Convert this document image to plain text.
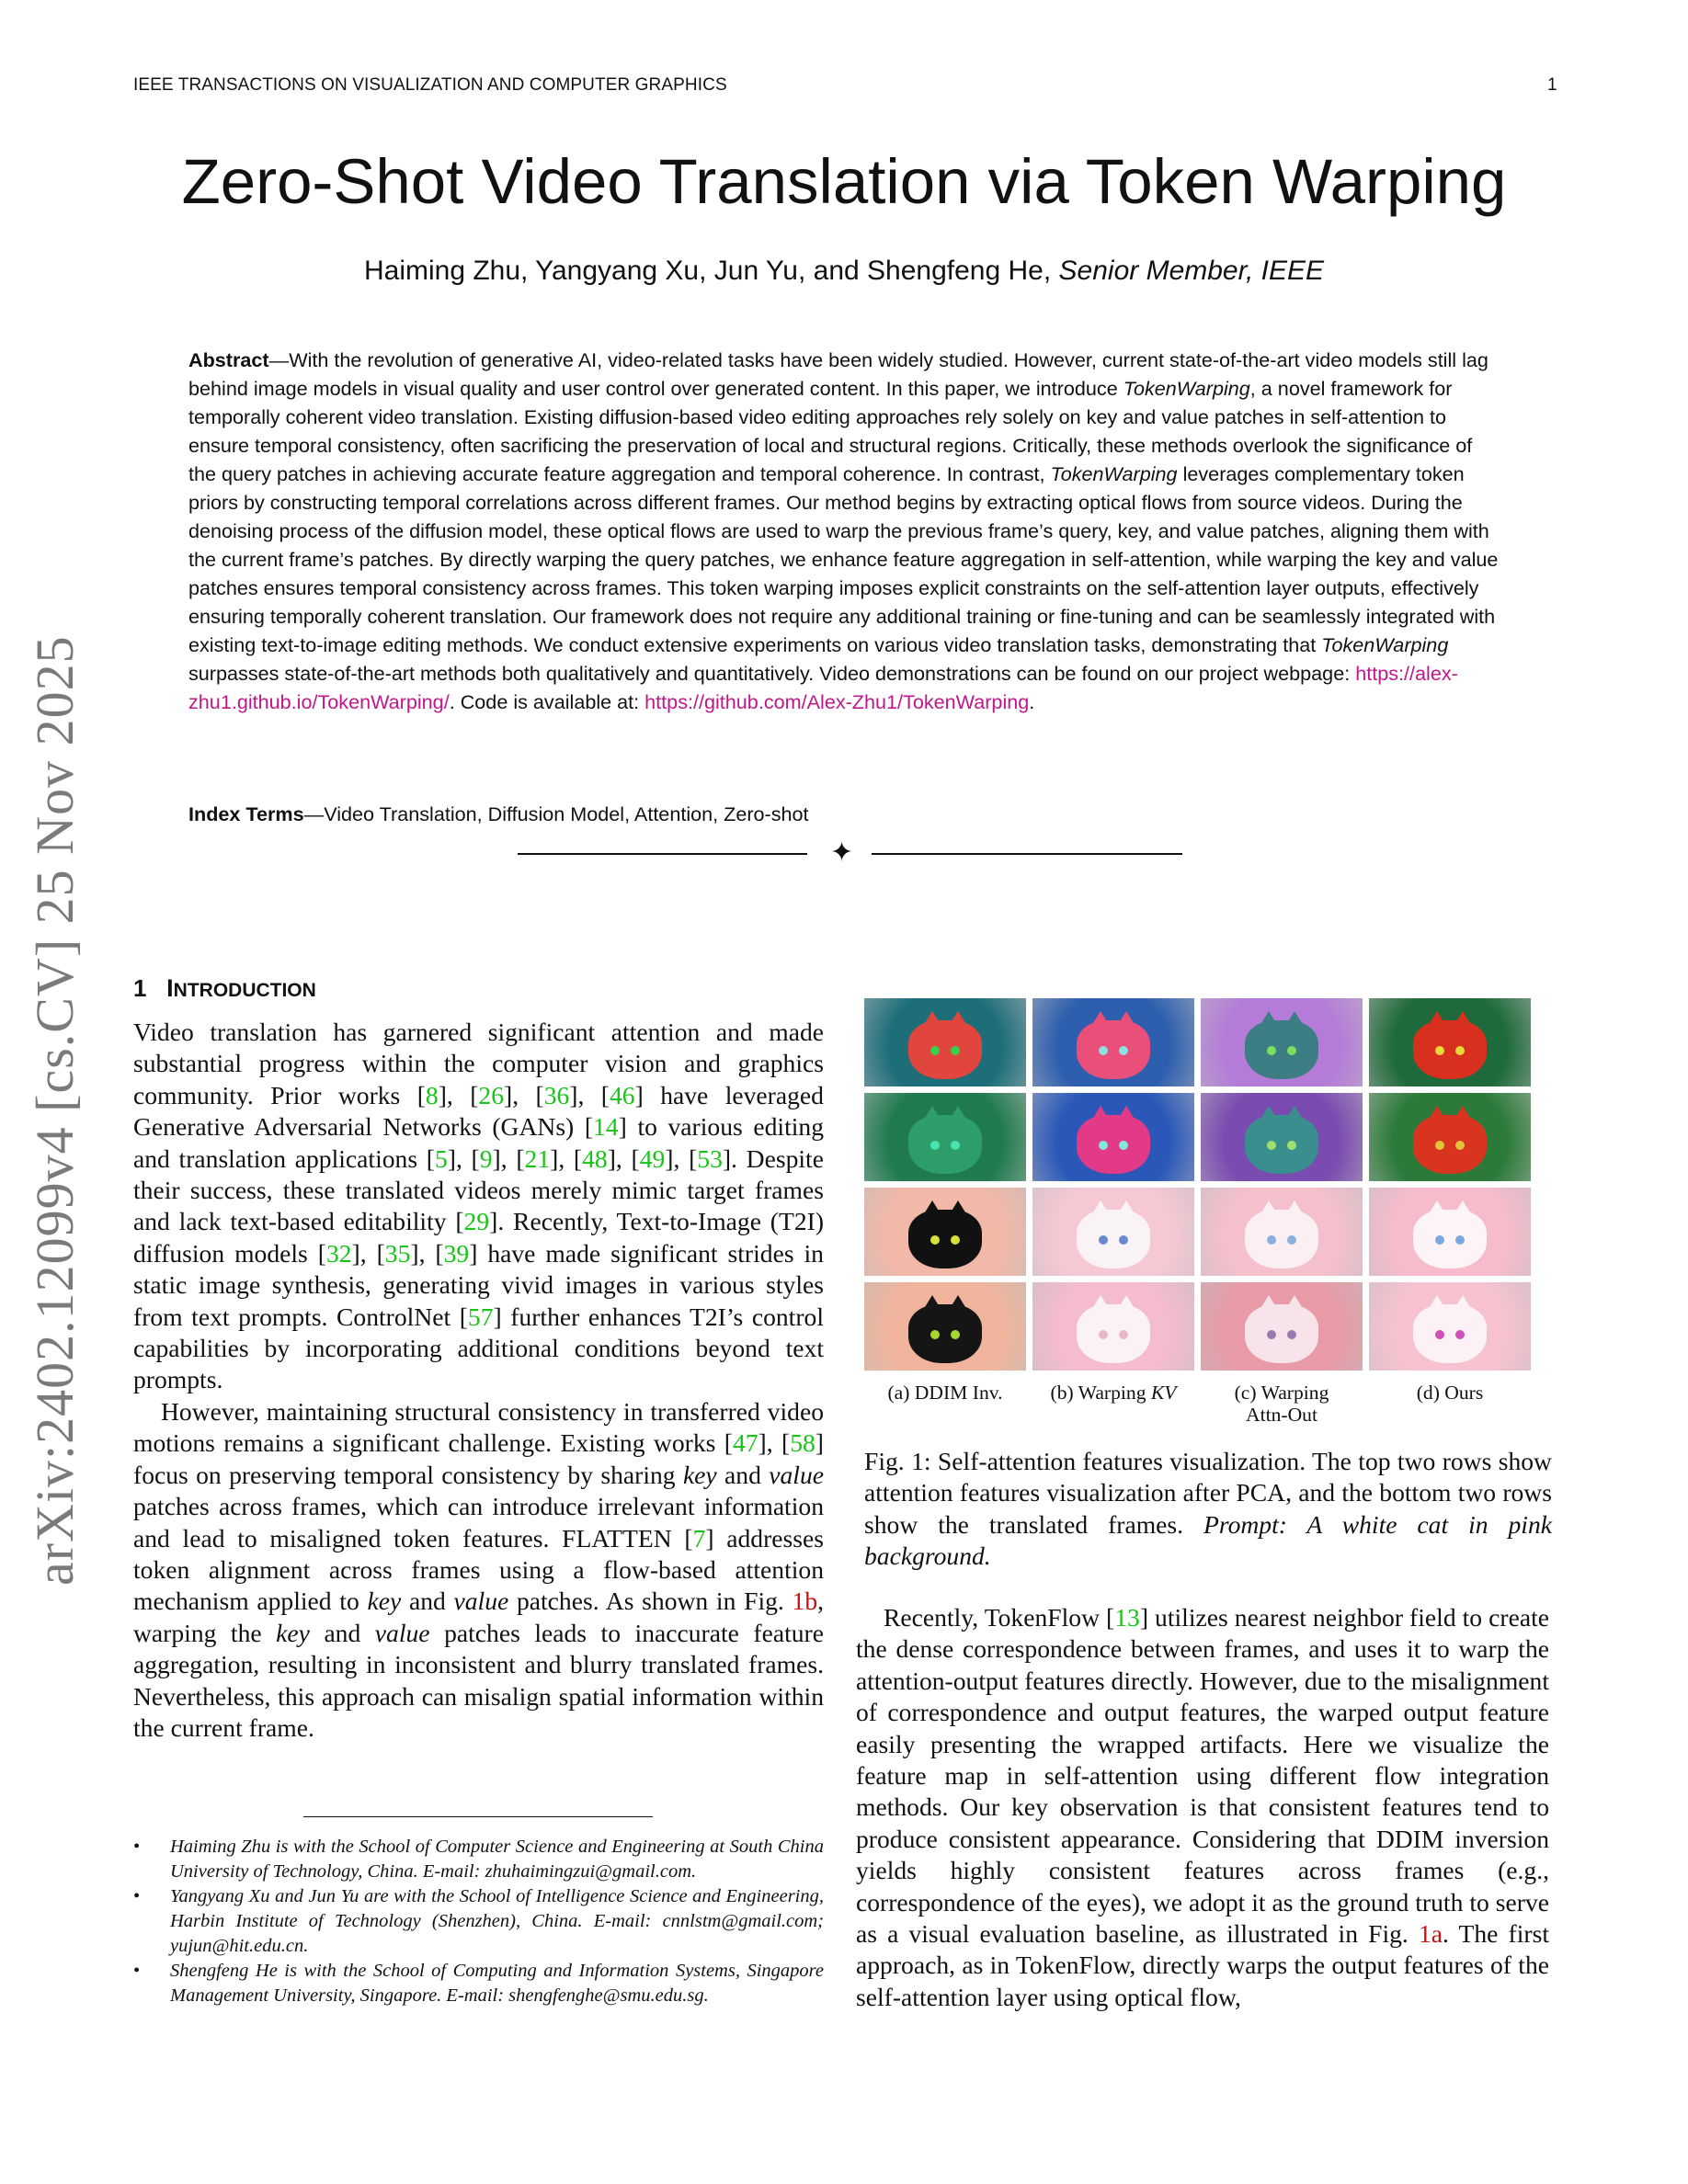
IEEE TRANSACTIONS ON VISUALIZATION AND COMPUTER GRAPHICS	1
Zero-Shot Video Translation via Token Warping
Haiming Zhu, Yangyang Xu, Jun Yu, and Shengfeng He, Senior Member, IEEE
Abstract—With the revolution of generative AI, video-related tasks have been widely studied. However, current state-of-the-art video models still lag behind image models in visual quality and user control over generated content. In this paper, we introduce TokenWarping, a novel framework for temporally coherent video translation. Existing diffusion-based video editing approaches rely solely on key and value patches in self-attention to ensure temporal consistency, often sacrificing the preservation of local and structural regions. Critically, these methods overlook the significance of the query patches in achieving accurate feature aggregation and temporal coherence. In contrast, TokenWarping leverages complementary token priors by constructing temporal correlations across different frames. Our method begins by extracting optical flows from source videos. During the denoising process of the diffusion model, these optical flows are used to warp the previous frame’s query, key, and value patches, aligning them with the current frame’s patches. By directly warping the query patches, we enhance feature aggregation in self-attention, while warping the key and value patches ensures temporal consistency across frames. This token warping imposes explicit constraints on the self-attention layer outputs, effectively ensuring temporally coherent translation. Our framework does not require any additional training or fine-tuning and can be seamlessly integrated with existing text-to-image editing methods. We conduct extensive experiments on various video translation tasks, demonstrating that TokenWarping surpasses state-of-the-art methods both qualitatively and quantitatively. Video demonstrations can be found on our project webpage: https://alex-zhu1.github.io/TokenWarping/. Code is available at: https://github.com/Alex-Zhu1/TokenWarping.
Index Terms—Video Translation, Diffusion Model, Attention, Zero-shot
✦
arXiv:2402.12099v4 [cs.CV] 25 Nov 2025	1 INTRODUCTION

Video translation has garnered significant attention and made substantial progress within the computer vision and graphics community. Prior works [8], [26], [36], [46] have leveraged Generative Adversarial Networks (GANs) [14] to various editing and translation applications [5], [9], [21], [48], [49], [53]. Despite their success, these translated videos merely mimic target frames and lack text-based editability [29]. Recently, Text-to-Image (T2I) diffusion models [32], [35], [39] have made significant strides in static image synthesis, generating vivid images in various styles from text prompts. ControlNet [57] further enhances T2I’s control capabilities by incorporating additional conditions beyond text prompts.

However, maintaining structural consistency in transferred video motions remains a significant challenge. Existing works [47], [58] focus on preserving temporal consistency by sharing key and value patches across frames, which can introduce irrelevant information and lead to misaligned token features. FLATTEN [7] addresses token alignment across frames using a flow-based attention mechanism applied to key and value patches. As shown in Fig. 1b, warping the key and value patches leads to inaccurate feature aggregation, resulting in inconsistent and blurry translated frames. Nevertheless, this approach can misalign spatial information within the current frame.

• Haiming Zhu is with the School of Computer Science and Engineering at South China University of Technology, China. E-mail: zhuhaimingzui@gmail.com.
• Yangyang Xu and Jun Yu are with the School of Intelligence Science and Engineering, Harbin Institute of Technology (Shenzhen), China. E-mail: cnnlstm@gmail.com; yujun@hit.edu.cn.
• Shengfeng He is with the School of Computing and Information Systems, Singapore Management University, Singapore. E-mail: shengfenghe@smu.edu.sg.
(a) DDIM Inv.	(b) Warping KV	(c) Warping
Attn-Out
(d) Ours
Fig. 1: Self-attention features visualization. The top two rows show attention features visualization after PCA, and the bottom two rows show the translated frames. Prompt: A white cat in pink background.

Recently, TokenFlow [13] utilizes nearest neighbor field to create the dense correspondence between frames, and uses it to warp the attention-output features directly. However, due to the misalignment of correspondence and output features, the warped output feature easily presenting the wrapped artifacts. Here we visualize the feature map in self-attention using different flow integration methods. Our key observation is that consistent features tend to produce consistent appearance. Considering that DDIM inversion yields highly consistent features across frames (e.g., correspondence of the eyes), we adopt it as the ground truth to serve as a visual evaluation baseline, as illustrated in Fig. 1a. The first approach, as in TokenFlow, directly warps the output features of the self-attention layer using optical flow,
